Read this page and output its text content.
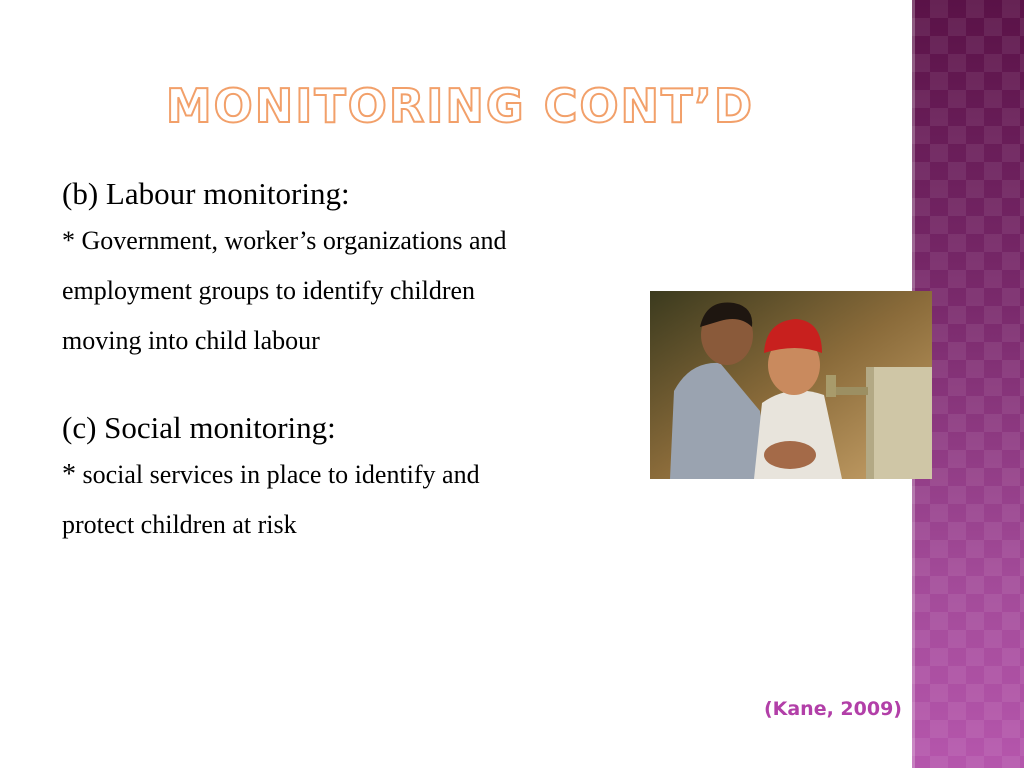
MONITORING CONT’D

(b) Labour monitoring:

* Government, worker’s organizations and

employment groups to identify children

moving into child labour

(c) Social monitoring:

* social services in place to identify and

protect children at risk

(Kane, 2009)
